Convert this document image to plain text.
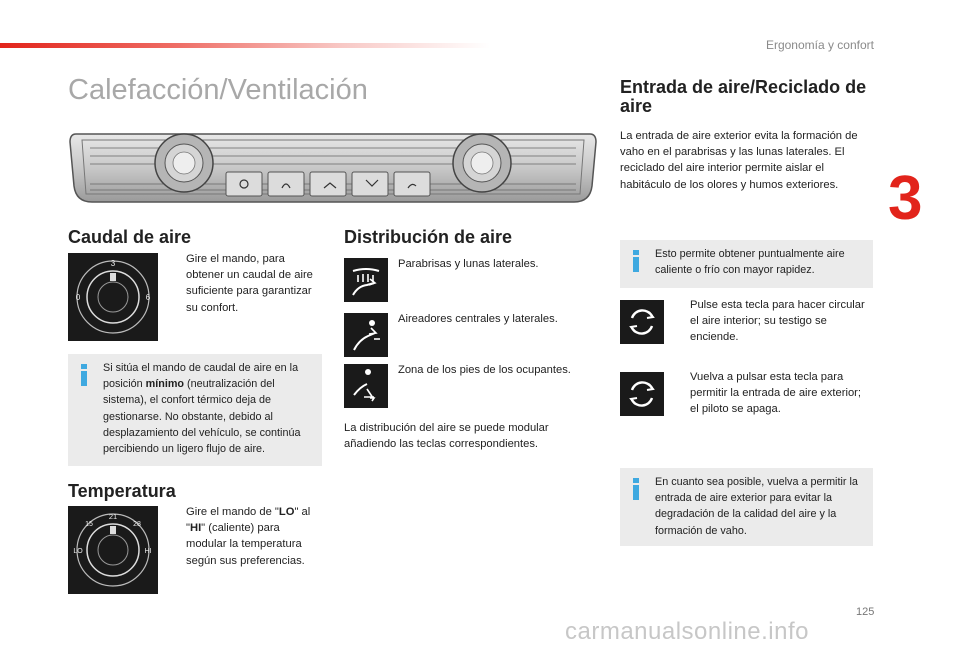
Ergonomía y confort
3
Calefacción/Ventilación
Caudal de aire
3
0	6
Gire el mando, para obtener un caudal de aire suficiente para garantizar su confort.
Si sitúa el mando de caudal de aire en la posición mínimo (neutralización del sistema), el confort térmico deja de gestionarse. No obstante, debido al desplazamiento del vehículo, se continúa percibiendo un ligero flujo de aire.
Temperatura
21
15	28
LO	HI
Gire el mando de "LO" al "HI" (caliente) para modular la temperatura según sus preferencias.
Distribución de aire
Parabrisas y lunas laterales.
Aireadores centrales y laterales.
Zona de los pies de los ocupantes.
La distribución del aire se puede modular añadiendo las teclas correspondientes.
Entrada de aire/Reciclado de aire
La entrada de aire exterior evita la formación de vaho en el parabrisas y las lunas laterales. El reciclado del aire interior permite aislar el habitáculo de los olores y humos exteriores.
Esto permite obtener puntualmente aire caliente o frío con mayor rapidez.
Pulse esta tecla para hacer circular el aire interior; su testigo se enciende.
Vuelva a pulsar esta tecla para permitir la entrada de aire exterior; el piloto se apaga.
En cuanto sea posible, vuelva a permitir la entrada de aire exterior para evitar la degradación de la calidad del aire y la formación de vaho.
125
carmanualsonline.info
